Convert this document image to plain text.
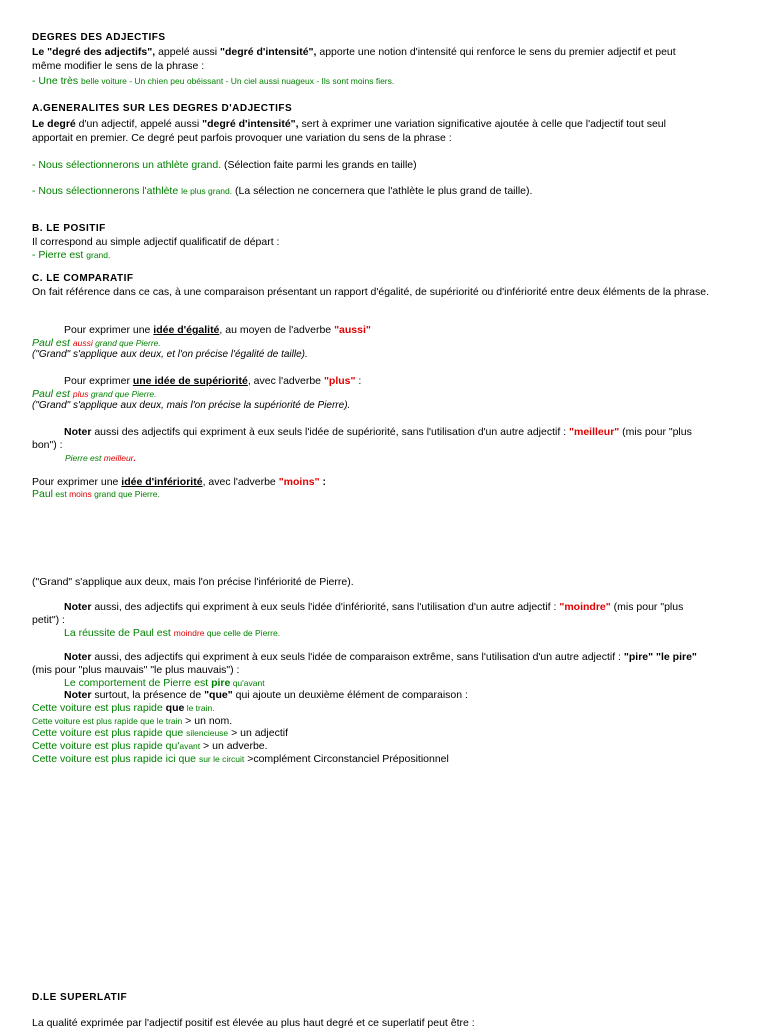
DEGRES DES ADJECTIFS
Le "degré des adjectifs", appelé aussi "degré d'intensité", apporte une notion d'intensité qui renforce le sens du premier adjectif et peut
même modifier le sens de la phrase :
- Une très belle voiture - Un chien peu obéissant - Un ciel aussi nuageux - Ils sont moins fiers.
A.GENERALITES SUR LES DEGRES D'ADJECTIFS
Le degré d'un adjectif, appelé aussi "degré d'intensité", sert à exprimer une variation significative ajoutée à celle que l'adjectif tout seul
apportait en premier. Ce degré peut parfois provoquer une variation du sens de la phrase :
- Nous sélectionnerons un athlète grand. (Sélection faite parmi les grands en taille)
- Nous sélectionnerons l'athlète le plus grand. (La sélection ne concernera que l'athlète le plus grand de taille).
B. LE POSITIF
Il correspond au simple adjectif qualificatif de départ :
- Pierre est grand.
C. LE COMPARATIF
On fait référence dans ce cas, à une comparaison présentant un rapport d'égalité, de supériorité ou d'infériorité entre deux éléments de la phrase.
Pour exprimer une idée d'égalité, au moyen de l'adverbe "aussi"
Paul est aussi grand que Pierre.
("Grand" s'applique aux deux, et l'on précise l'égalité de taille).
Pour exprimer une idée de supériorité, avec l'adverbe "plus" :
Paul est plus grand que Pierre.
("Grand" s'applique aux deux, mais l'on précise la supériorité de Pierre).
Noter aussi des adjectifs qui expriment à eux seuls l'idée de supériorité, sans l'utilisation d'un autre adjectif : "meilleur" (mis pour "plus
bon") :
Pierre est meilleur.
Pour exprimer une idée d'infériorité, avec l'adverbe "moins" :
Paul est moins grand que Pierre.
("Grand" s'applique aux deux, mais l'on précise l'infériorité de Pierre).
Noter aussi, des adjectifs qui expriment à eux seuls l'idée d'infériorité, sans l'utilisation d'un autre adjectif : "moindre" (mis pour "plus
petit") :
La réussite de Paul est moindre que celle de Pierre.
Noter aussi, des adjectifs qui expriment à eux seuls l'idée de comparaison extrême, sans l'utilisation d'un autre adjectif : "pire" "le pire"
(mis pour "plus mauvais" "le plus mauvais") :
Le comportement de Pierre est pire qu'avant
Noter surtout, la présence de "que" qui ajoute un deuxième élément de comparaison :
Cette voiture est plus rapide que le train.
Cette voiture est plus rapide que le train > un nom.
Cette voiture est plus rapide que silencieuse > un adjectif
Cette voiture est plus rapide qu'avant > un adverbe.
Cette voiture est plus rapide ici que sur le circuit >complément Circonstanciel Prépositionnel
D.LE SUPERLATIF
La qualité exprimée par l'adjectif positif est élevée au plus haut degré et ce superlatif peut être :
